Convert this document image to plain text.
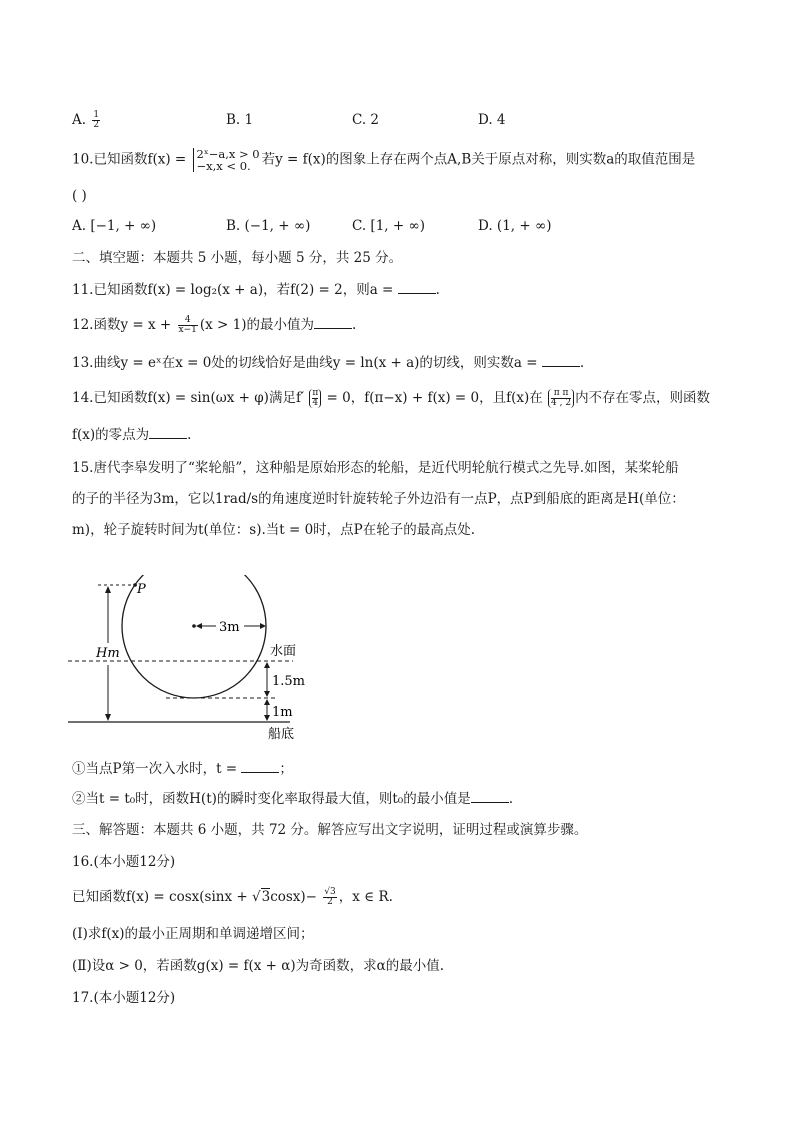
A. $\frac{1}{2}$	B. 1	C. 2	D. 4
10.已知函数f(x) = 2ˣ−a,x > 0
−x,x < 0. 若y = f(x)的图象上存在两个点A,B关于原点对称，则实数a的取值范围是
( )
A. [−1, + ∞)	B. (−1, + ∞)	C. [1, + ∞)	D. (1, + ∞)
二、填空题：本题共 5 小题，每小题 5 分，共 25 分。
11.已知函数f(x) = log₂(x + a)，若f(2) = 2，则a =	.
12.函数$y = x + \frac{4}{x-1} (x > 1)$的最小值为	.
13.曲线y = eˣ在x = 0处的切线恰好是曲线y = ln(x + a)的切线，则实数a =	.
14.已知函数f(x) = sin(ωx + φ)满足$f' \frac{\pi}{4} = 0$，f(π−x) + f(x) = 0，且f(x)在 $\frac{\text{π π}}{4 , 2}$ 内不存在零点，则函数
f(x)的零点为	.
15.唐代李皋发明了“桨轮船”，这种船是原始形态的轮船，是近代明轮航行模式之先导.如图，某桨轮船
的子的半径为3m，它以1rad/s的角速度逆时针旋转轮子外边沿有一点P，点P到船底的距离是H(单位：
m)，轮子旋转时间为t(单位：s).当t = 0时，点P在轮子的最高点处.
P
3m
Hm	水面
1.5m
1m
船底
①当点P第一次入水时，t =	；
②当t = t₀时，函数H(t)的瞬时变化率取得最大值，则t₀的最小值是	.
三、解答题：本题共 6 小题，共 72 分。解答应写出文字说明，证明过程或演算步骤。
16.(本小题12分)
已知函数$f(x) = \cos x(\sin x + √3\cos x)- \frac{√3}{2}$ ，x ∈ R.
(Ⅰ)求f(x)的最小正周期和单调递增区间；
(Ⅱ)设α > 0，若函数g(x) = f(x + α)为奇函数，求α的最小值.
17.(本小题12分)
